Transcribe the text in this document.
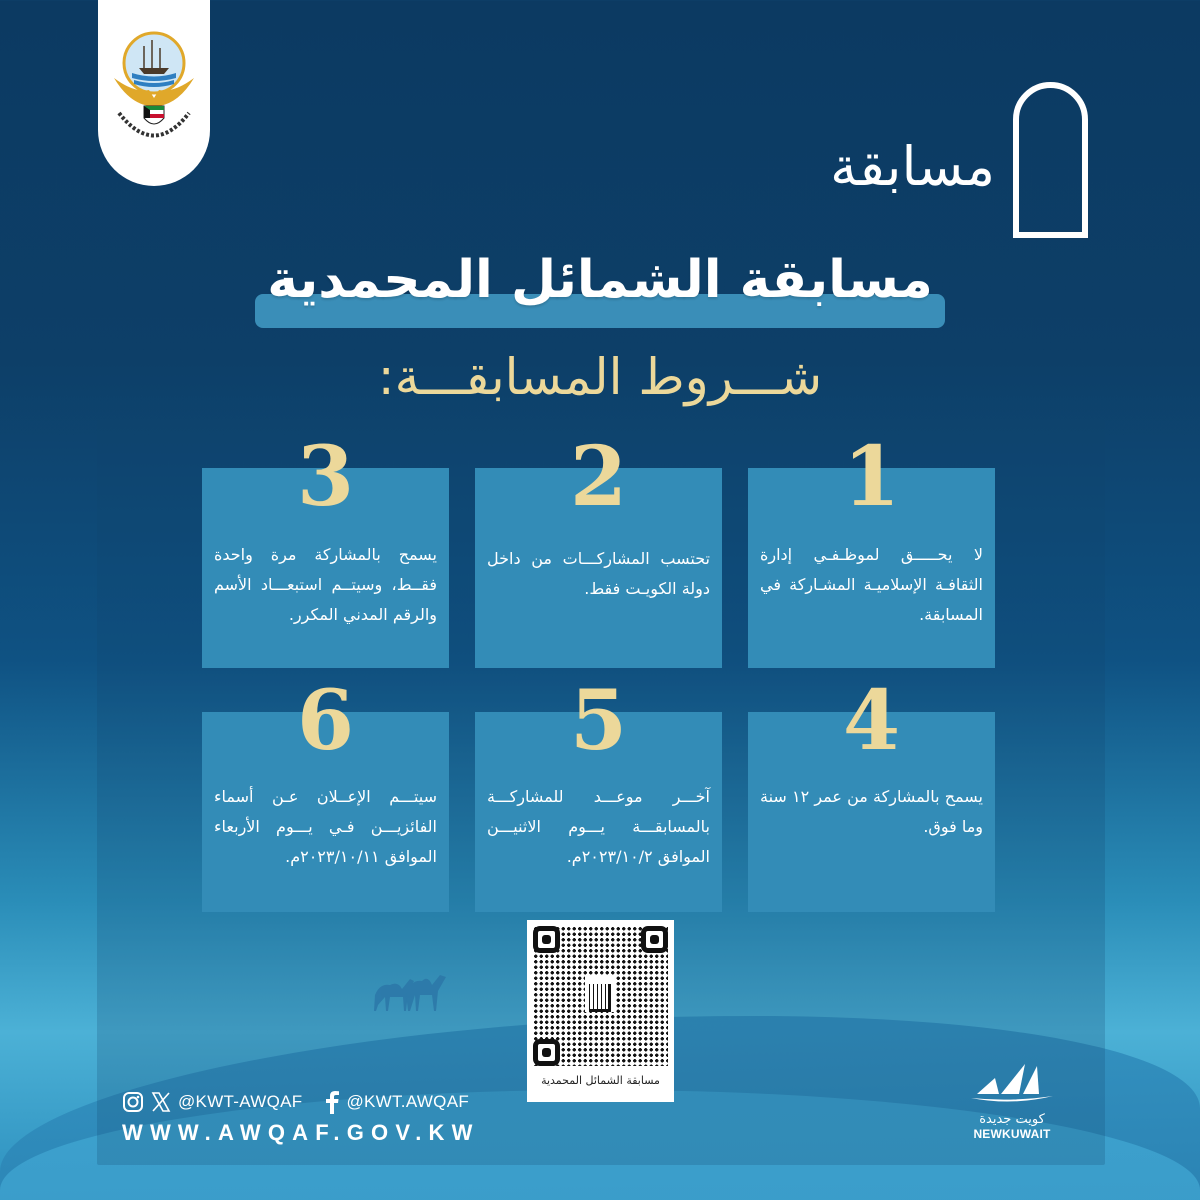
مسابقة
مسابقة الشمائل المحمدية
شـــروط المسابقـــة:
1
لا يحـــــق لموظـفـي إدارة الثقافـة الإسلاميـة المشـاركة في المسابقة.
2
تحتسب المشاركـــات من داخل دولة الكويـت فقط.
3
يسمح بالمشاركة مرة واحدة فقــط، وسيتــم استبعـــاد الأسم والرقم المدني المكرر.
4
يسمح بالمشاركة من عمر ١٢ سنة وما فوق.
5
آخـــر موعـــد للمشاركـــة بالمسابقـــة يـــوم الاثنيـــن الموافق ٢٠٢٣/١٠/٢م.
6
سيتـــم الإعــلان عـن أسماء الفائزيـــن فـي يـــوم الأربعاء الموافق ٢٠٢٣/١٠/١١م.
مسابقة الشمائل المحمدية
@KWT-AWQAF	@KWT.AWQAF
WWW.AWQAF.GOV.KW
كويت جديدة
NEWKUWAIT
